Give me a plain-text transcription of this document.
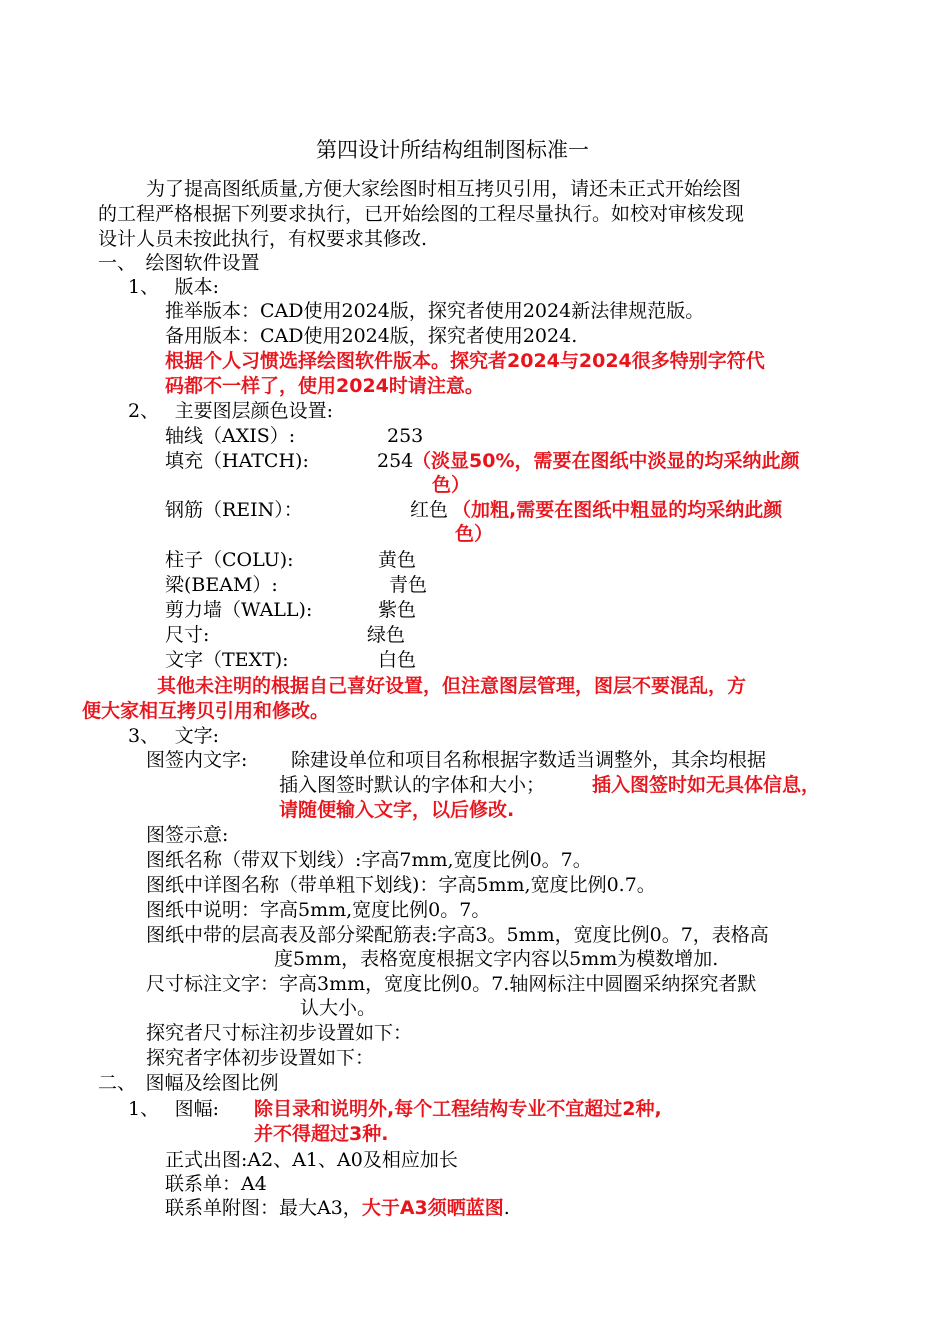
第四设计所结构组制图标准一
为了提高图纸质量,方便大家绘图时相互拷贝引用，请还未正式开始绘图
的工程严格根据下列要求执行，已开始绘图的工程尽量执行。如校对审核发现
设计人员未按此执行，有权要求其修改.
一、　绘图软件设置
1、　 版本:
推举版本：CAD使用2024版，探究者使用2024新法律规范版。
备用版本：CAD使用2024版，探究者使用2024.
根据个人习惯选择绘图软件版本。探究者2024与2024很多特别字符代
码都不一样了，使用2024时请注意。
2、　 主要图层颜色设置:
轴线（AXIS）:	253
填充（HATCH):	254
（淡显50%，需要在图纸中淡显的均采纳此颜
色）
钢筋（REIN）：	红色 （加粗,需要在图纸中粗显的均采纳此颜
色）
柱子（COLU):	黄色
梁(BEAM）:	青色
剪力墙（WALL):	紫色
尺寸:	绿色
文字（TEXT):	白色
其他未注明的根据自己喜好设置，但注意图层管理，图层不要混乱，方
便大家相互拷贝引用和修改。
3、　 文字:
图签内文字: 除建设单位和项目名称根据字数适当调整外，其余均根据
插入图签时默认的字体和大小； 插入图签时如无具体信息，
请随便输入文字，以后修改.
图签示意:
图纸名称（带双下划线）:字高7mm,宽度比例0。7。
图纸中详图名称（带单粗下划线)：字高5mm,宽度比例0.7。
图纸中说明：字高5mm,宽度比例0。7。
图纸中带的层高表及部分梁配筋表:字高3。5mm，宽度比例0。7，表格高
度5mm，表格宽度根据文字内容以5mm为模数增加.
尺寸标注文字：字高3mm，宽度比例0。7.轴网标注中圆圈采纳探究者默
认大小。
探究者尺寸标注初步设置如下：
探究者字体初步设置如下：
二、　图幅及绘图比例
1、　 图幅: 除目录和说明外,每个工程结构专业不宜超过2种,
并不得超过3种.
正式出图:A2、A1、A0及相应加长
联系单：A4
联系单附图：最大A3，大于A3须晒蓝图.
